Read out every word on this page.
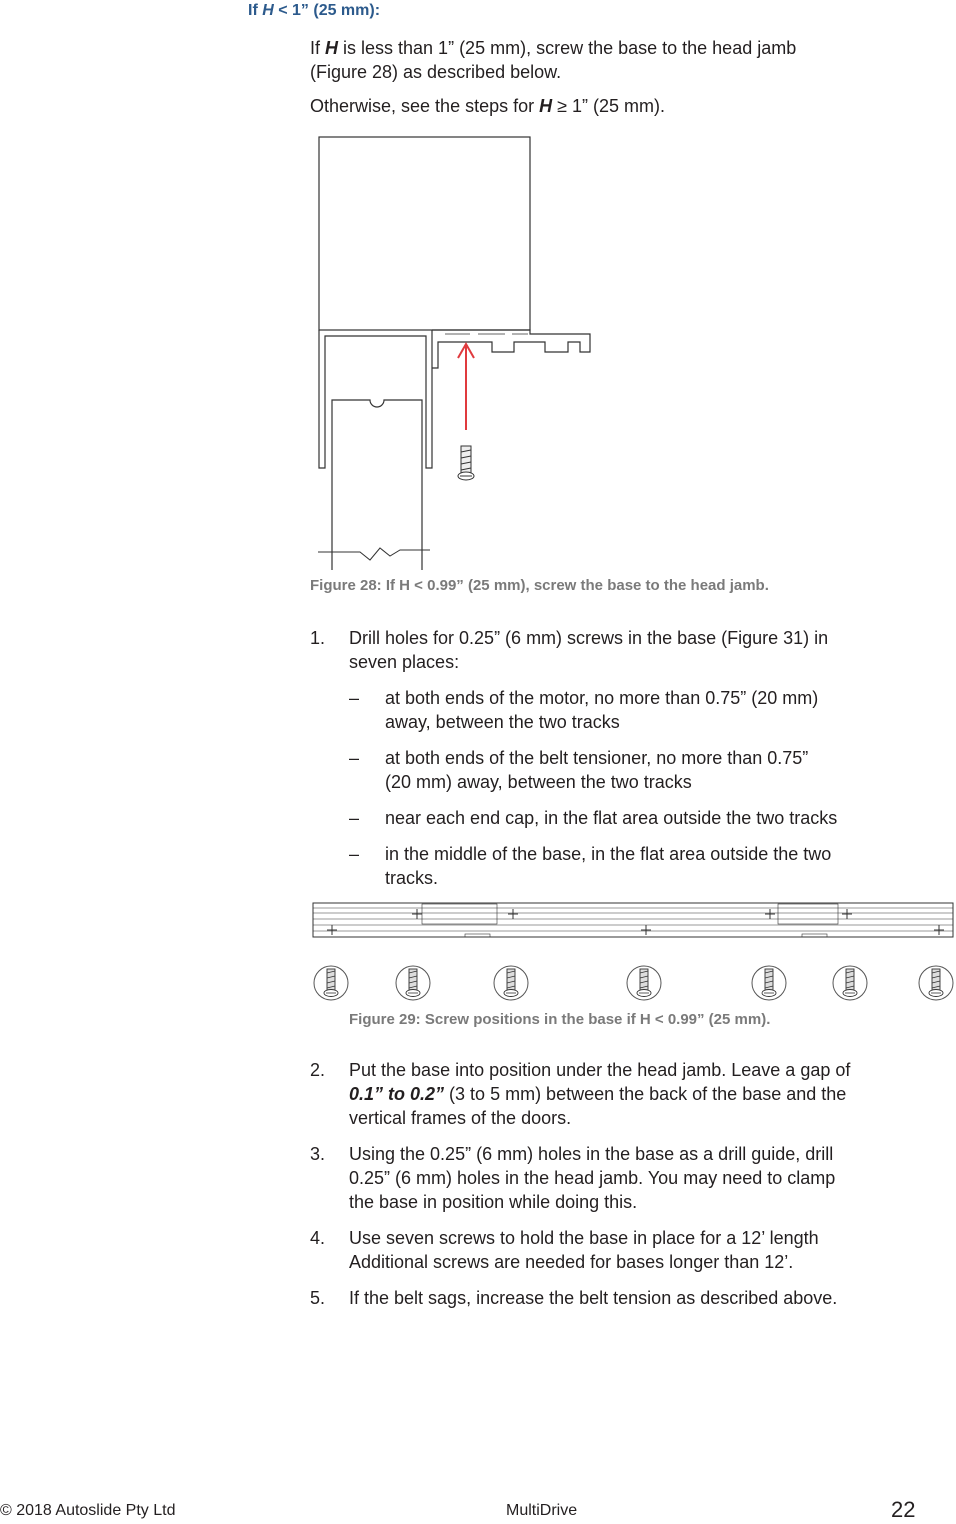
If H < 1” (25 mm):
If H is less than 1” (25 mm), screw the base to the head jamb
(Figure 28) as described below.
Otherwise, see the steps for H ≥ 1” (25 mm).
Figure 28: If H < 0.99” (25 mm), screw the base to the head jamb.
1. Drill holes for 0.25” (6 mm) screws in the base (Figure 31) in
seven places:
– at both ends of the motor, no more than 0.75” (20 mm)
away, between the two tracks
– at both ends of the belt tensioner, no more than 0.75”
(20 mm) away, between the two tracks
– near each end cap, in the flat area outside the two tracks
– in the middle of the base, in the flat area outside the two
tracks.
Figure 29: Screw positions in the base if H < 0.99” (25 mm).
2. Put the base into position under the head jamb. Leave a gap of
0.1” to 0.2” (3 to 5 mm) between the back of the base and the
vertical frames of the doors.
3. Using the 0.25” (6 mm) holes in the base as a drill guide, drill
0.25” (6 mm) holes in the head jamb. You may need to clamp
the base in position while doing this.
4. Use seven screws to hold the base in place for a 12’ length
Additional screws are needed for bases longer than 12’.
5. If the belt sags, increase the belt tension as described above.
© 2018 Autoslide Pty Ltd	MultiDrive	22
